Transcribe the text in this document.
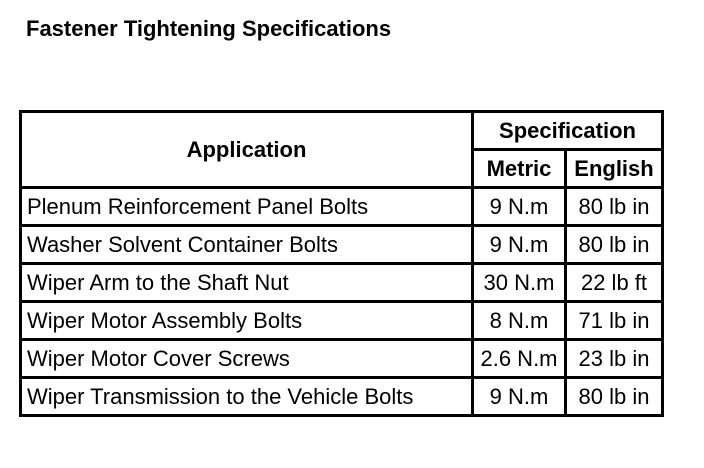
Fastener Tightening Specifications
Application	Specification	
	Metric	English
Plenum Reinforcement Panel Bolts	9 N.m	80 lb in
Washer Solvent Container Bolts	9 N.m	80 lb in
Wiper Arm to the Shaft Nut	30 N.m	22 lb ft
Wiper Motor Assembly Bolts	8 N.m	71 lb in
Wiper Motor Cover Screws	2.6 N.m	23 lb in
Wiper Transmission to the Vehicle Bolts	9 N.m	80 lb in
